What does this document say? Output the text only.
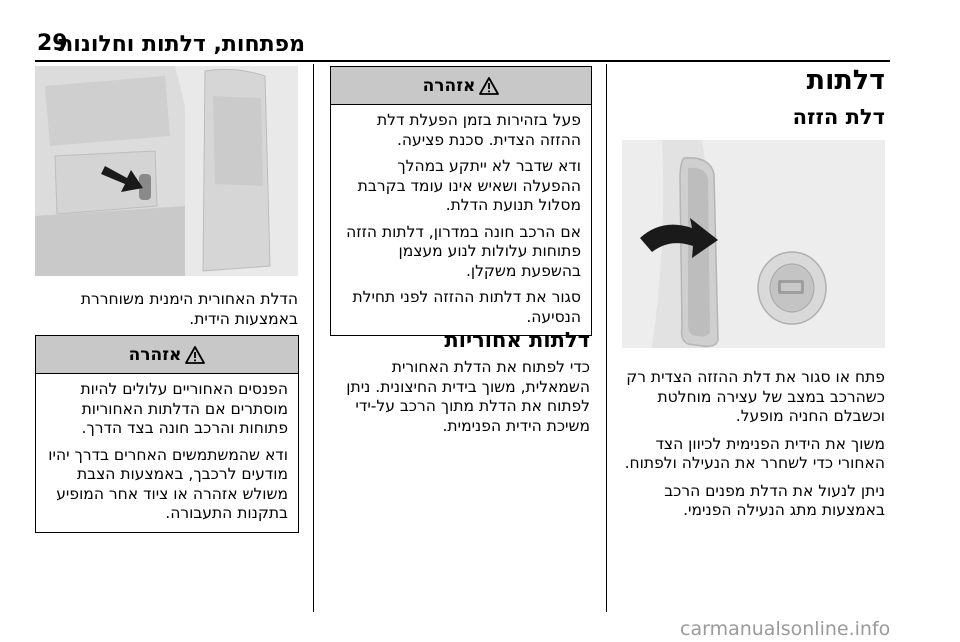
מפתחות, דלתות וחלונות
29
דלתות
דלת הזזה

פתח או סגור את דלת ההזזה הצדית רק כשהרכב במצב של עצירה מוחלטת וכשבלם החניה מופעל.

משוך את הידית הפנימית לכיוון הצד האחורי כדי לשחרר את הנעילה ולפתוח.

ניתן לנעול את הדלת מפנים הרכב באמצעות מתג הנעילה הפנימי.

אזהרה

פעל בזהירות בזמן הפעלת דלת ההזזה הצדית. סכנת פציעה.

ודא שדבר לא ייתקע במהלך ההפעלה ושאיש אינו עומד בקרבת מסלול תנועת הדלת.

אם הרכב חונה במדרון, דלתות הזזה פתוחות עלולות לנוע מעצמן בהשפעת משקלן.

סגור את דלתות ההזזה לפני תחילת הנסיעה.

דלתות אחוריות

כדי לפתוח את הדלת האחורית השמאלית, משוך בידית החיצונית. ניתן לפתוח את הדלת מתוך הרכב על-ידי משיכת הידית הפנימית.

הדלת האחורית הימנית משוחררת באמצעות הידית.

אזהרה

הפנסים האחוריים עלולים להיות מוסתרים אם הדלתות האחוריות פתוחות והרכב חונה בצד הדרך.

ודא שהמשתמשים האחרים בדרך יהיו מודעים לרכבך, באמצעות הצבת משולש אזהרה או ציוד אחר המופיע בתקנות התעבורה.

carmanualsonline.info
